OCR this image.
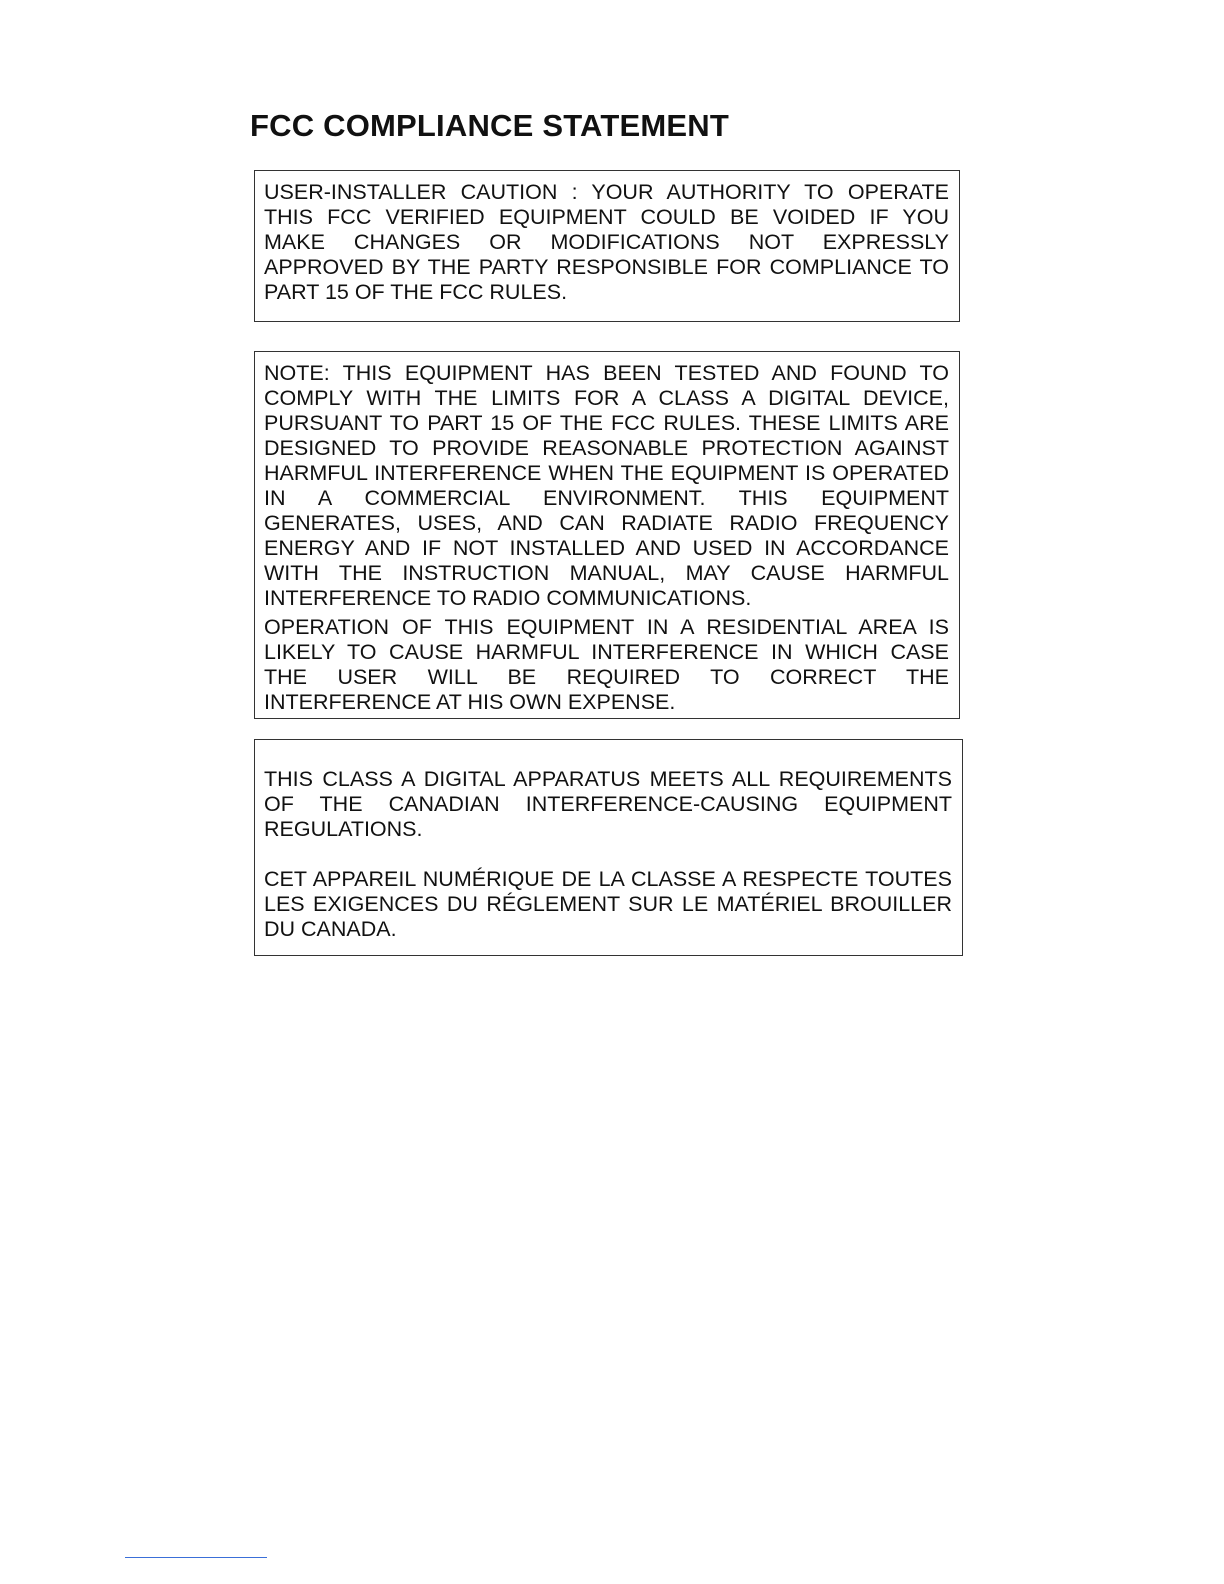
FCC COMPLIANCE STATEMENT

USER-INSTALLER CAUTION : YOUR AUTHORITY TO OPERATE THIS FCC VERIFIED EQUIPMENT COULD BE VOIDED IF YOU MAKE CHANGES OR MODIFICATIONS NOT EXPRESSLY APPROVED BY THE PARTY RESPONSIBLE FOR COMPLIANCE TO PART 15 OF THE FCC RULES.

NOTE: THIS EQUIPMENT HAS BEEN TESTED AND FOUND TO COMPLY WITH THE LIMITS FOR A CLASS A DIGITAL DEVICE, PURSUANT TO PART 15 OF THE FCC RULES. THESE LIMITS ARE DESIGNED TO PROVIDE REASONABLE PROTECTION AGAINST HARMFUL INTERFERENCE WHEN THE EQUIPMENT IS OPERATED IN A COMMERCIAL ENVIRONMENT. THIS EQUIPMENT GENERATES, USES, AND CAN RADIATE RADIO FREQUENCY ENERGY AND IF NOT INSTALLED AND USED IN ACCORDANCE WITH THE INSTRUCTION MANUAL, MAY CAUSE HARMFUL INTERFERENCE TO RADIO COMMUNICATIONS.

OPERATION OF THIS EQUIPMENT IN A RESIDENTIAL AREA IS LIKELY TO CAUSE HARMFUL INTERFERENCE IN WHICH CASE THE USER WILL BE REQUIRED TO CORRECT THE INTERFERENCE AT HIS OWN EXPENSE.

THIS CLASS A DIGITAL APPARATUS MEETS ALL REQUIREMENTS OF THE CANADIAN INTERFERENCE-CAUSING EQUIPMENT REGULATIONS.

CET APPAREIL NUMÉRIQUE DE LA CLASSE A RESPECTE TOUTES LES EXIGENCES DU RÉGLEMENT SUR LE MATÉRIEL BROUILLER DU CANADA.
